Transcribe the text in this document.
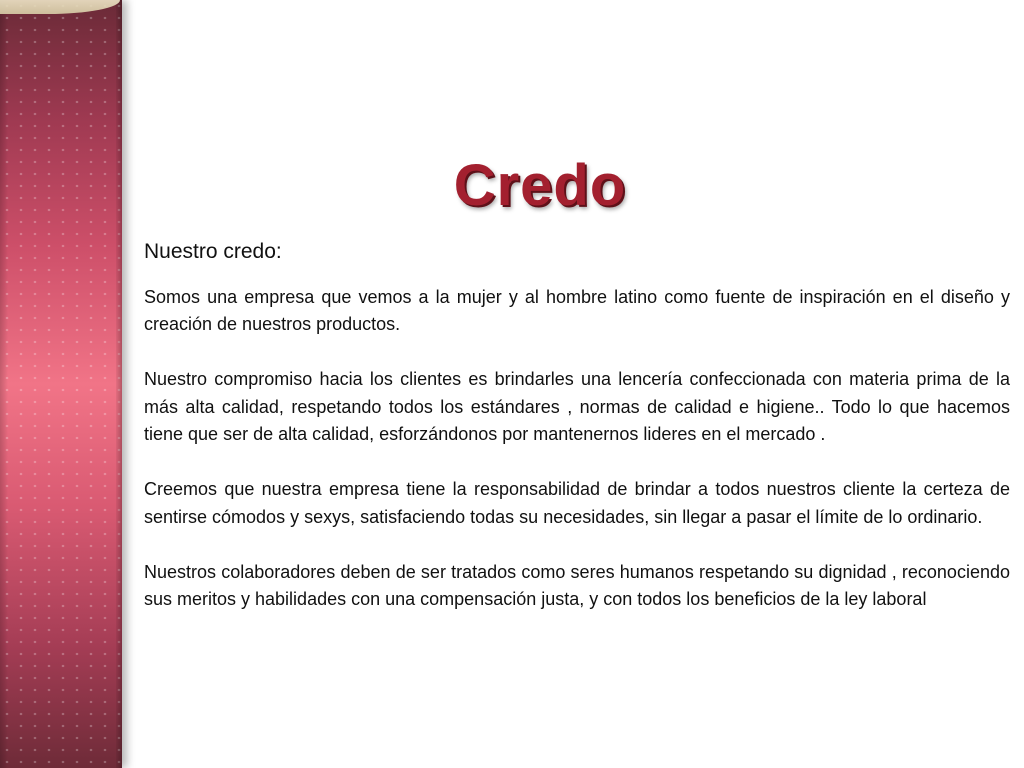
Credo
Nuestro credo:

Somos una empresa que vemos a la mujer y al hombre latino como fuente de inspiración en el diseño y creación de nuestros productos.

Nuestro compromiso hacia los clientes es brindarles una lencería confeccionada con materia prima de la más alta calidad, respetando todos los estándares , normas de calidad e higiene.. Todo lo que hacemos tiene que ser de alta calidad, esforzándonos por mantenernos lideres en el mercado .

Creemos que nuestra empresa tiene la responsabilidad de brindar a todos nuestros cliente la certeza de sentirse cómodos y sexys, satisfaciendo todas su necesidades, sin llegar a pasar el límite de lo ordinario.

Nuestros colaboradores deben de ser tratados como seres humanos respetando su dignidad , reconociendo sus meritos y habilidades con una compensación justa, y con todos los beneficios de la ley laboral
